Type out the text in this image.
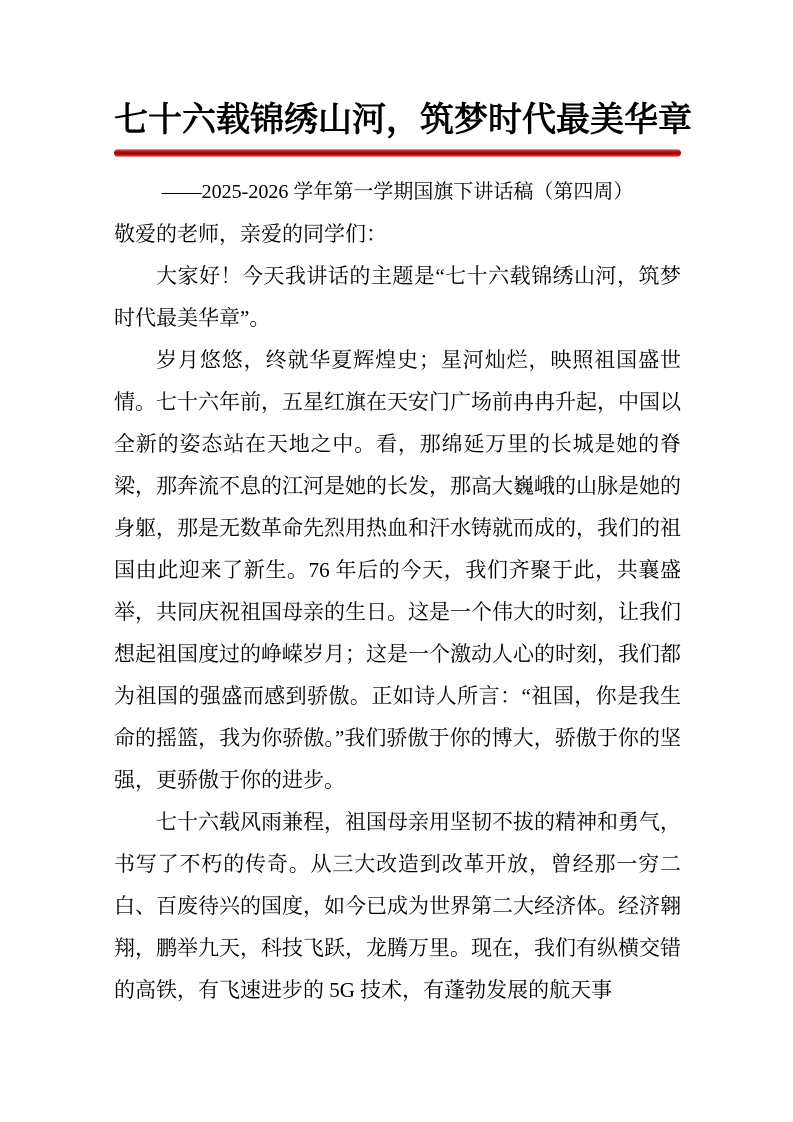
七十六载锦绣山河，筑梦时代最美华章
——2025-2026 学年第一学期国旗下讲话稿（第四周）

敬爱的老师，亲爱的同学们：

大家好！今天我讲话的主题是“七十六载锦绣山河，筑梦时代最美华章”。

岁月悠悠，终就华夏辉煌史；星河灿烂，映照祖国盛世情。七十六年前，五星红旗在天安门广场前冉冉升起，中国以全新的姿态站在天地之中。看，那绵延万里的长城是她的脊梁，那奔流不息的江河是她的长发，那高大巍峨的山脉是她的身躯，那是无数革命先烈用热血和汗水铸就而成的，我们的祖国由此迎来了新生。76 年后的今天，我们齐聚于此，共襄盛举，共同庆祝祖国母亲的生日。这是一个伟大的时刻，让我们想起祖国度过的峥嵘岁月；这是一个激动人心的时刻，我们都为祖国的强盛而感到骄傲。正如诗人所言：“祖国，你是我生命的摇篮，我为你骄傲。”我们骄傲于你的博大，骄傲于你的坚强，更骄傲于你的进步。

七十六载风雨兼程，祖国母亲用坚韧不拔的精神和勇气，书写了不朽的传奇。从三大改造到改革开放，曾经那一穷二白、百废待兴的国度，如今已成为世界第二大经济体。经济翱翔，鹏举九天，科技飞跃，龙腾万里。现在，我们有纵横交错的高铁，有飞速进步的 5G 技术，有蓬勃发展的航天事
